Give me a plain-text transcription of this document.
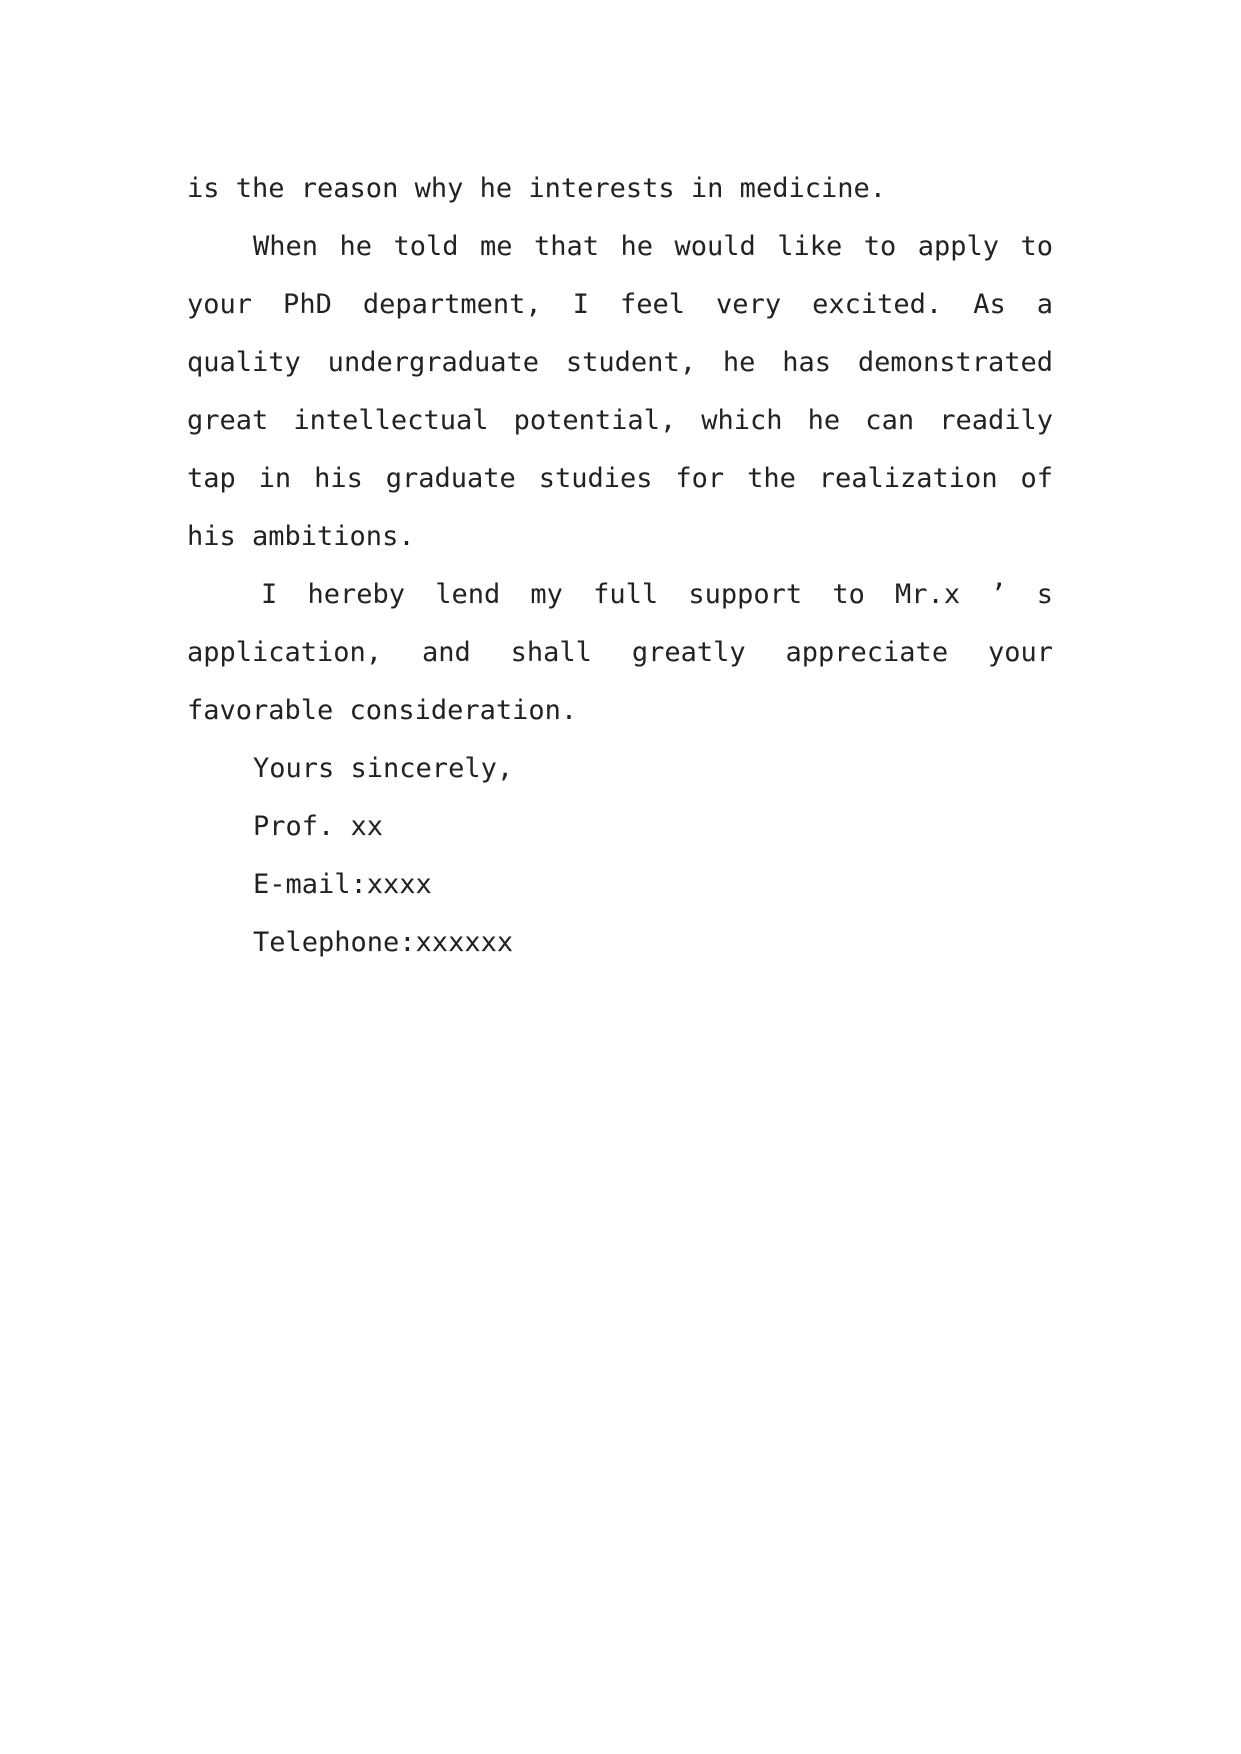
is the reason why he interests in medicine.

When he told me that he would like to apply to your PhD department, I feel very excited. As a quality undergraduate student, he has demonstrated great intellectual potential, which he can readily tap in his graduate studies for the realization of his ambitions.

I hereby lend my full support to Mr.x ’ s application, and shall greatly appreciate your favorable consideration.

Yours sincerely,

Prof. xx

E-mail:xxxx

Telephone:xxxxxx
